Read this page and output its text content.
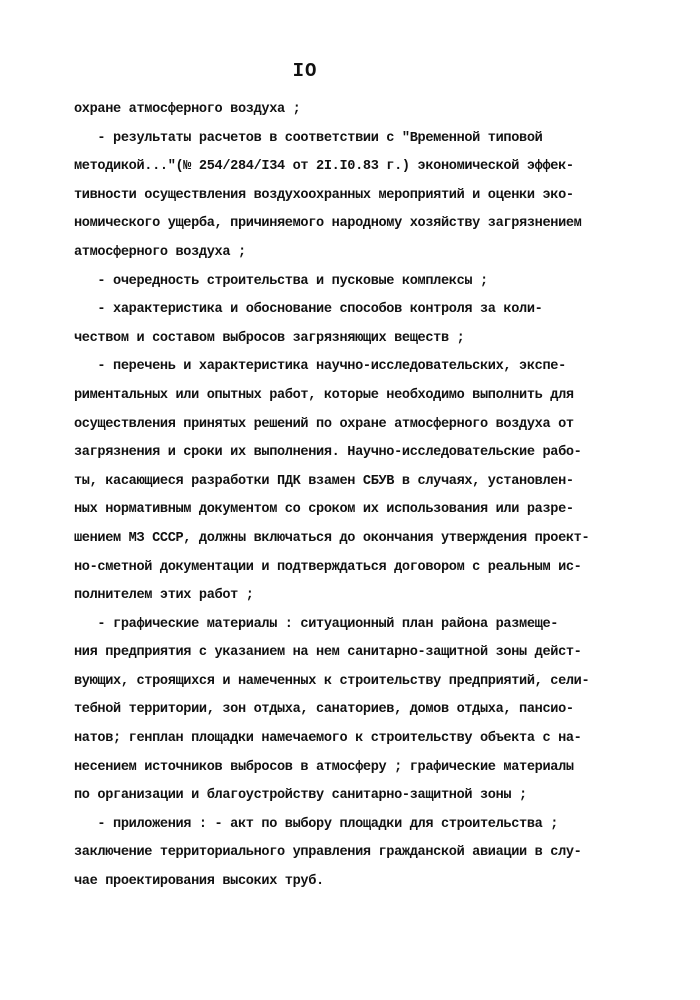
IO
охране атмосферного воздуха ;
- результаты расчетов в соответствии с "Временной типовой
методикой..."(№ 254/284/I34 от 2I.I0.83 г.) экономической эффек-
тивности осуществления воздухоохранных мероприятий и оценки эко-
номического ущерба, причиняемого народному хозяйству загрязнением
атмосферного воздуха ;
- очередность строительства и пусковые комплексы ;
- характеристика и обоснование способов контроля за коли-
чеством и составом выбросов загрязняющих веществ ;
- перечень и характеристика научно-исследовательских, экспе-
риментальных или опытных работ, которые необходимо выполнить для
осуществления принятых решений по охране атмосферного воздуха от
загрязнения и сроки их выполнения. Научно-исследовательские рабо-
ты, касающиеся разработки ПДК взамен СБУВ в случаях, установлен-
ных нормативным документом со сроком их использования или разре-
шением МЗ СССР, должны включаться до окончания утверждения проект-
но-сметной документации и подтверждаться договором с реальным ис-
полнителем этих работ ;
- графические материалы : ситуационный план района размеще-
ния предприятия с указанием на нем санитарно-защитной зоны дейст-
вующих, строящихся и намеченных к строительству предприятий, сели-
тебной территории, зон отдыха, санаториев, домов отдыха, пансио-
натов; генплан площадки намечаемого к строительству объекта с на-
несением источников выбросов в атмосферу ; графические материалы
по организации и благоустройству санитарно-защитной зоны ;
- приложения : - акт по выбору площадки для строительства ;
заключение территориального управления гражданской авиации в слу-
чае проектирования высоких труб.
